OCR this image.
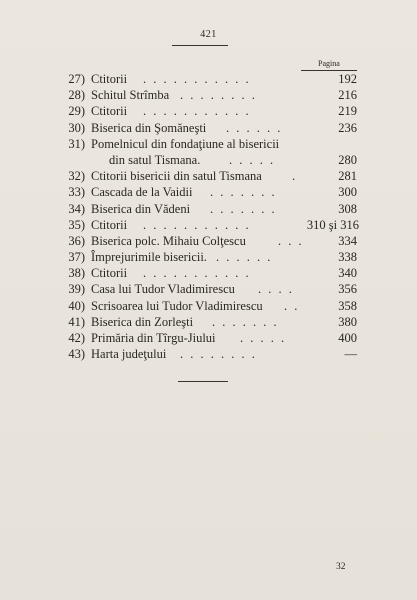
421
Pagina
27) Ctitorii . . . . . . . . . . .	192
28) Schitul Strîmba . . . . . . . .	216
29) Ctitorii . . . . . . . . . . .	219
30) Biserica din Şomăneşti . . . . . .	236
31) Pomelnicul din fondaţiune al bisericii
din satul Tismana.	. . . . .	280
32) Ctitorii bisericii din satul Tismana .	281
33) Cascada de la Vaidii . . . . . . .	300
34) Biserica din Vădeni . . . . . . .	308
35) Ctitorii . . . . . . . . . . .	310 şi 316
36) Biserica polc. Mihaiu Colţescu	. . .	334
37) Împrejurimile bisericii. . . . . . .	338
38) Ctitorii . . . . . . . . . . .	340
39) Casa lui Tudor Vladimirescu . . . .	356
40) Scrisoarea lui Tudor Vladimirescu . .	358
41) Biserica din Zorleşti . . . . . . .	380
42) Primăria din Tîrgu-Jiului . . . . .	400
43) Harta judeţului . . . . . . . .	—
32
